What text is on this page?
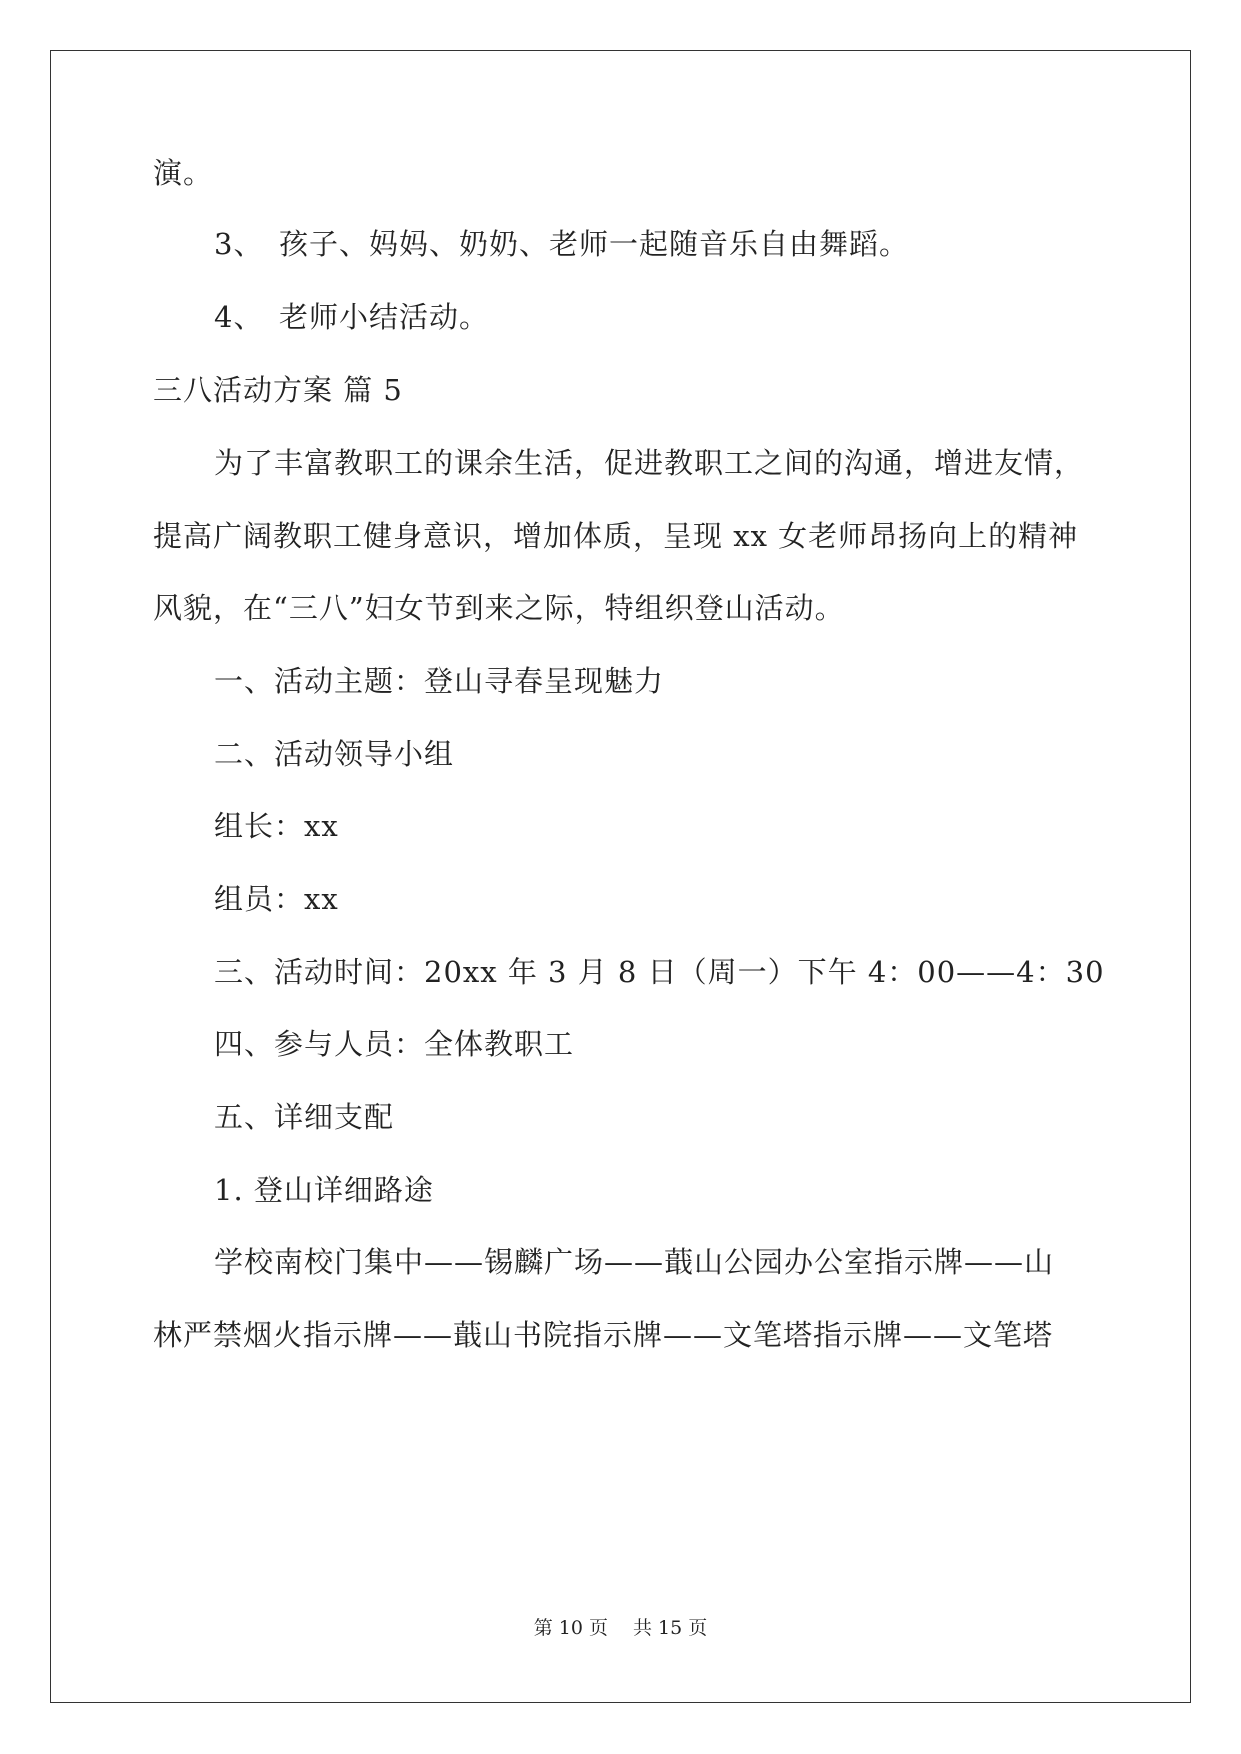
演。
3、　孩子、妈妈、奶奶、老师一起随音乐自由舞蹈。
4、　老师小结活动。
三八活动方案 篇 5
为了丰富教职工的课余生活，促进教职工之间的沟通，增进友情，
提高广阔教职工健身意识，增加体质，呈现 xx 女老师昂扬向上的精神
风貌，在“三八”妇女节到来之际，特组织登山活动。
一、活动主题：登山寻春呈现魅力
二、活动领导小组
组长：xx
组员：xx
三、活动时间：20xx 年 3 月 8 日（周一）下午 4：00——4：30
四、参与人员：全体教职工
五、详细支配
1. 登山详细路途
学校南校门集中——锡麟广场——蕺山公园办公室指示牌——山
林严禁烟火指示牌——蕺山书院指示牌——文笔塔指示牌——文笔塔
第 10 页　 共 15 页
